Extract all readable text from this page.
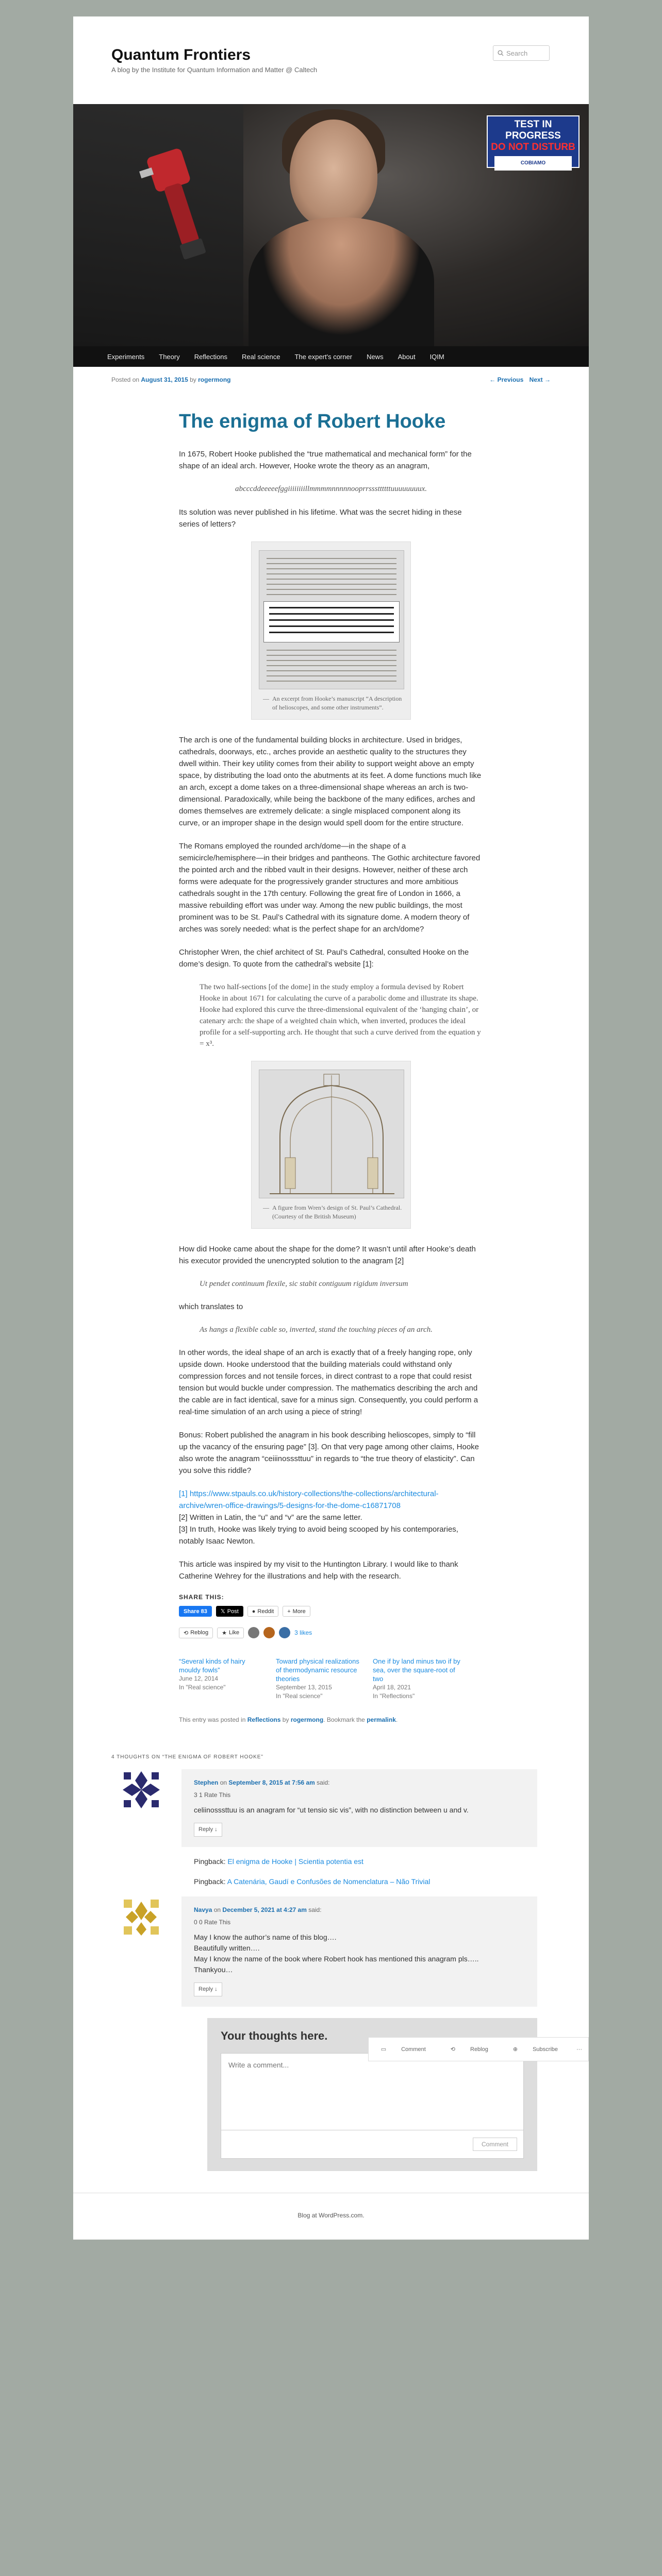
Quantum Frontiers
A blog by the Institute for Quantum Information and Matter @ Caltech
Search
TEST IN PROGRESS
DO NOT DISTURB
COBIAMO
Experiments	Theory	Reflections	Real science	The expert's corner	News	About	IQIM
Posted on August 31, 2015 by rogermong	← Previous Next →
The enigma of Robert Hooke

In 1675, Robert Hooke published the “true mathematical and mechanical form” for the shape of an ideal arch. However, Hooke wrote the theory as an anagram,

abcccddeeeeefggiiiiiiiillmmmmnnnnnooprrsssttttttuuuuuuuux.

Its solution was never published in his lifetime. What was the secret hiding in these series of letters?

— An excerpt from Hooke’s manuscript “A description of helioscopes, and some other instruments”.

The arch is one of the fundamental building blocks in architecture. Used in bridges, cathedrals, doorways, etc., arches provide an aesthetic quality to the structures they dwell within. Their key utility comes from their ability to support weight above an empty space, by distributing the load onto the abutments at its feet. A dome functions much like an arch, except a dome takes on a three-dimensional shape whereas an arch is two-dimensional. Paradoxically, while being the backbone of the many edifices, arches and domes themselves are extremely delicate: a single misplaced component along its curve, or an improper shape in the design would spell doom for the entire structure.

The Romans employed the rounded arch/dome—in the shape of a semicircle/hemisphere—in their bridges and pantheons. The Gothic architecture favored the pointed arch and the ribbed vault in their designs. However, neither of these arch forms were adequate for the progressively grander structures and more ambitious cathedrals sought in the 17th century. Following the great fire of London in 1666, a massive rebuilding effort was under way. Among the new public buildings, the most prominent was to be St. Paul’s Cathedral with its signature dome. A modern theory of arches was sorely needed: what is the perfect shape for an arch/dome?

Christopher Wren, the chief architect of St. Paul’s Cathedral, consulted Hooke on the dome’s design. To quote from the cathedral’s website [1]:

The two half-sections [of the dome] in the study employ a formula devised by Robert Hooke in about 1671 for calculating the curve of a parabolic dome and illustrate its shape. Hooke had explored this curve the three-dimensional equivalent of the ‘hanging chain’, or catenary arch: the shape of a weighted chain which, when inverted, produces the ideal profile for a self-supporting arch. He thought that such a curve derived from the equation y = x³.
— A figure from Wren’s design of St. Paul’s Cathedral. (Courtesy of the British Museum)

How did Hooke came about the shape for the dome? It wasn’t until after Hooke’s death his executor provided the unencrypted solution to the anagram [2]

Ut pendet continuum flexile, sic stabit contiguum rigidum inversum

which translates to

As hangs a flexible cable so, inverted, stand the touching pieces of an arch.

In other words, the ideal shape of an arch is exactly that of a freely hanging rope, only upside down. Hooke understood that the building materials could withstand only compression forces and not tensile forces, in direct contrast to a rope that could resist tension but would buckle under compression. The mathematics describing the arch and the cable are in fact identical, save for a minus sign. Consequently, you could perform a real-time simulation of an arch using a piece of string!

Bonus: Robert published the anagram in his book describing helioscopes, simply to “fill up the vacancy of the ensuring page” [3]. On that very page among other claims, Hooke also wrote the anagram “ceiiinosssttuu” in regards to “the true theory of elasticity”. Can you solve this riddle?

[1] https://www.stpauls.co.uk/history-collections/the-collections/architectural-archive/wren-office-drawings/5-designs-for-the-dome-c16871708

[2] Written in Latin, the “u” and “v” are the same letter.

[3] In truth, Hooke was likely trying to avoid being scooped by his contemporaries, notably Isaac Newton.

This article was inspired by my visit to the Huntington Library. I would like to thank Catherine Wehrey for the illustrations and help with the research.

SHARE THIS:
Share 83	𝕏 Post ● Reddit + More
⟲ Reblog ★ Like	3 likes
“Several kinds of hairy mouldy fowls”
June 12, 2014
In "Real science"
Toward physical realizations of thermodynamic resource theories
September 13, 2015
In "Real science"
One if by land minus two if by sea, over the square-root of two
April 18, 2021
In "Reflections"
This entry was posted in Reflections by rogermong. Bookmark the permalink.
4 THOUGHTS ON “THE ENIGMA OF ROBERT HOOKE”
Stephen on September 8, 2015 at 7:56 am said:
3 1 Rate This
celiinosssttuu is an anagram for “ut tensio sic vis”, with no distinction between u and v.
Reply ↓
Pingback: El enigma de Hooke | Scientia potentia est
Pingback: A Catenária, Gaudí e Confusões de Nomenclatura – Não Trivial
Navya on December 5, 2021 at 4:27 am said:
0 0 Rate This
May I know the author’s name of this blog….
Beautifully written….
May I know the name of the book where Robert hook has mentioned this anagram pls…..
Thankyou…
Reply ↓
Your thoughts here.
Write a comment...
Comment
Blog at WordPress.com.
▭	Comment	⟲	Reblog	⊕	Subscribe	···
